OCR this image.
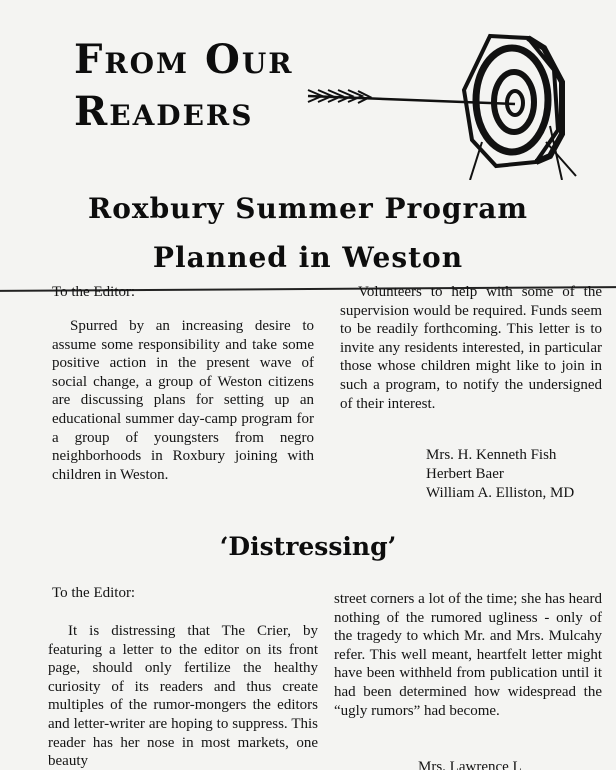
From Our
Readers
Roxbury Summer Program
Planned in Weston
To the Editor:

Spurred by an increasing desire to assume some responsibility and take some positive action in the present wave of social change, a group of Weston citizens are discussing plans for setting up an educational summer day-camp program for a group of youngsters from negro neighborhoods in Roxbury joining with children in Weston.

Volunteers to help with some of the supervision would be required. Funds seem to be readily forthcoming. This letter is to invite any residents interested, in particular those whose children might like to join in such a program, to notify the undersigned of their interest.

Mrs. H. Kenneth Fish
Herbert Baer
William A. Elliston, MD
‘Distressing’
To the Editor:

It is distressing that The Crier, by featuring a letter to the editor on its front page, should only fertilize the healthy curiosity of its readers and thus create multiples of the rumor-mongers the editors and letter-writer are hoping to suppress. This reader has her nose in most markets, one beauty

street corners a lot of the time; she has heard nothing of the rumored ugliness - only of the tragedy to which Mr. and Mrs. Mulcahy refer. This well meant, heartfelt letter might have been withheld from publication until it had been determined how widespread the “ugly rumors” had become.

Mrs. Lawrence L
